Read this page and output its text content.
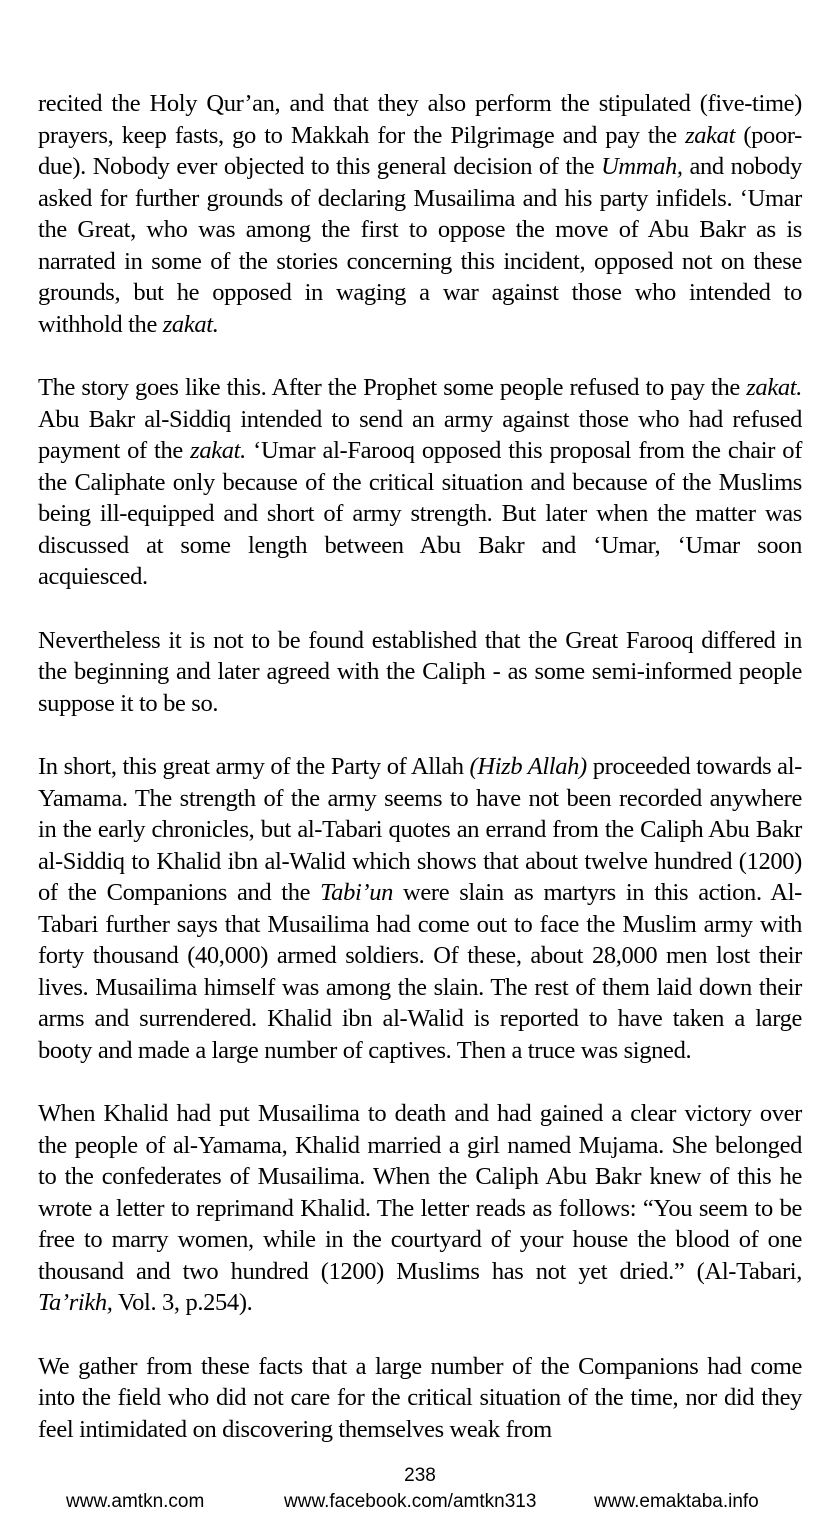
recited the Holy Qur’an, and that they also perform the stipulated (five-time) prayers, keep fasts, go to Makkah for the Pilgrimage and pay the zakat (poor-due). Nobody ever objected to this general decision of the Ummah, and nobody asked for further grounds of declaring Musailima and his party infidels. ‘Umar the Great, who was among the first to oppose the move of Abu Bakr as is narrated in some of the stories concerning this incident, opposed not on these grounds, but he opposed in waging a war against those who intended to withhold the zakat.

The story goes like this. After the Prophet some people refused to pay the zakat. Abu Bakr al-Siddiq intended to send an army against those who had refused payment of the zakat. ‘Umar al-Farooq opposed this proposal from the chair of the Caliphate only because of the critical situation and because of the Muslims being ill-equipped and short of army strength. But later when the matter was discussed at some length between Abu Bakr and ‘Umar, ‘Umar soon acquiesced.

Nevertheless it is not to be found established that the Great Farooq differed in the beginning and later agreed with the Caliph - as some semi-informed people suppose it to be so.

In short, this great army of the Party of Allah (Hizb Allah) proceeded towards al-Yamama. The strength of the army seems to have not been recorded anywhere in the early chronicles, but al-Tabari quotes an errand from the Caliph Abu Bakr al-Siddiq to Khalid ibn al-Walid which shows that about twelve hundred (1200) of the Companions and the Tabi’un were slain as martyrs in this action. Al-Tabari further says that Musailima had come out to face the Muslim army with forty thousand (40,000) armed soldiers. Of these, about 28,000 men lost their lives. Musailima himself was among the slain. The rest of them laid down their arms and surrendered. Khalid ibn al-Walid is reported to have taken a large booty and made a large number of captives. Then a truce was signed.

When Khalid had put Musailima to death and had gained a clear victory over the people of al-Yamama, Khalid married a girl named Mujama. She belonged to the confederates of Musailima. When the Caliph Abu Bakr knew of this he wrote a letter to reprimand Khalid. The letter reads as follows: “You seem to be free to marry women, while in the courtyard of your house the blood of one thousand and two hundred (1200) Muslims has not yet dried.” (Al-Tabari, Ta’rikh, Vol. 3, p.254).

We gather from these facts that a large number of the Companions had come into the field who did not care for the critical situation of the time, nor did they feel intimidated on discovering themselves weak from

238
www.amtkn.com	www.facebook.com/amtkn313	www.emaktaba.info
